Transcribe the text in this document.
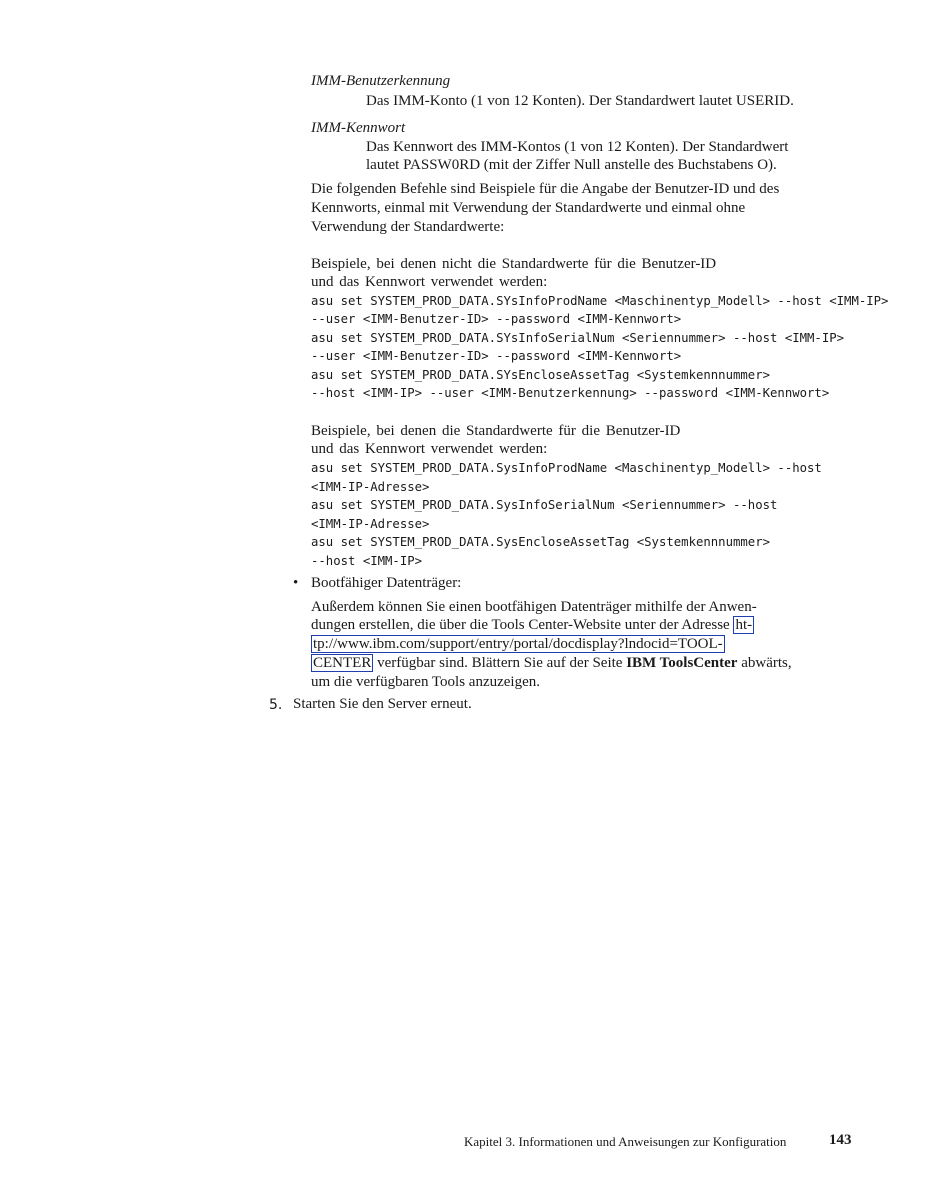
IMM-Benutzerkennung
Das IMM-Konto (1 von 12 Konten). Der Standardwert lautet USERID.
IMM-Kennwort
Das Kennwort des IMM-Kontos (1 von 12 Konten). Der Standardwert
lautet PASSW0RD (mit der Ziffer Null anstelle des Buchstabens O).
Die folgenden Befehle sind Beispiele für die Angabe der Benutzer-ID und des
Kennworts, einmal mit Verwendung der Standardwerte und einmal ohne
Verwendung der Standardwerte:
Beispiele, bei denen nicht die Standardwerte für die Benutzer-ID
und das Kennwort verwendet werden:
asu set SYSTEM_PROD_DATA.SYsInfoProdName <Maschinentyp_Modell> --host <IMM-IP>
--user <IMM-Benutzer-ID> --password <IMM-Kennwort>
asu set SYSTEM_PROD_DATA.SYsInfoSerialNum <Seriennummer> --host <IMM-IP>
--user <IMM-Benutzer-ID> --password <IMM-Kennwort>
asu set SYSTEM_PROD_DATA.SYsEncloseAssetTag <Systemkennnummer>
--host <IMM-IP> --user <IMM-Benutzerkennung> --password <IMM-Kennwort>
Beispiele, bei denen die Standardwerte für die Benutzer-ID
und das Kennwort verwendet werden:
asu set SYSTEM_PROD_DATA.SysInfoProdName <Maschinentyp_Modell> --host
<IMM-IP-Adresse>
asu set SYSTEM_PROD_DATA.SysInfoSerialNum <Seriennummer> --host
<IMM-IP-Adresse>
asu set SYSTEM_PROD_DATA.SysEncloseAssetTag <Systemkennnummer>
--host <IMM-IP>
• Bootfähiger Datenträger:
Außerdem können Sie einen bootfähigen Datenträger mithilfe der Anwen-
dungen erstellen, die über die Tools Center-Website unter der Adresse ht-
tp://www.ibm.com/support/entry/portal/docdisplay?lndocid=TOOL-
CENTER verfügbar sind. Blättern Sie auf der Seite IBM ToolsCenter abwärts,
um die verfügbaren Tools anzuzeigen.
5. Starten Sie den Server erneut.
Kapitel 3. Informationen und Anweisungen zur Konfiguration	143
